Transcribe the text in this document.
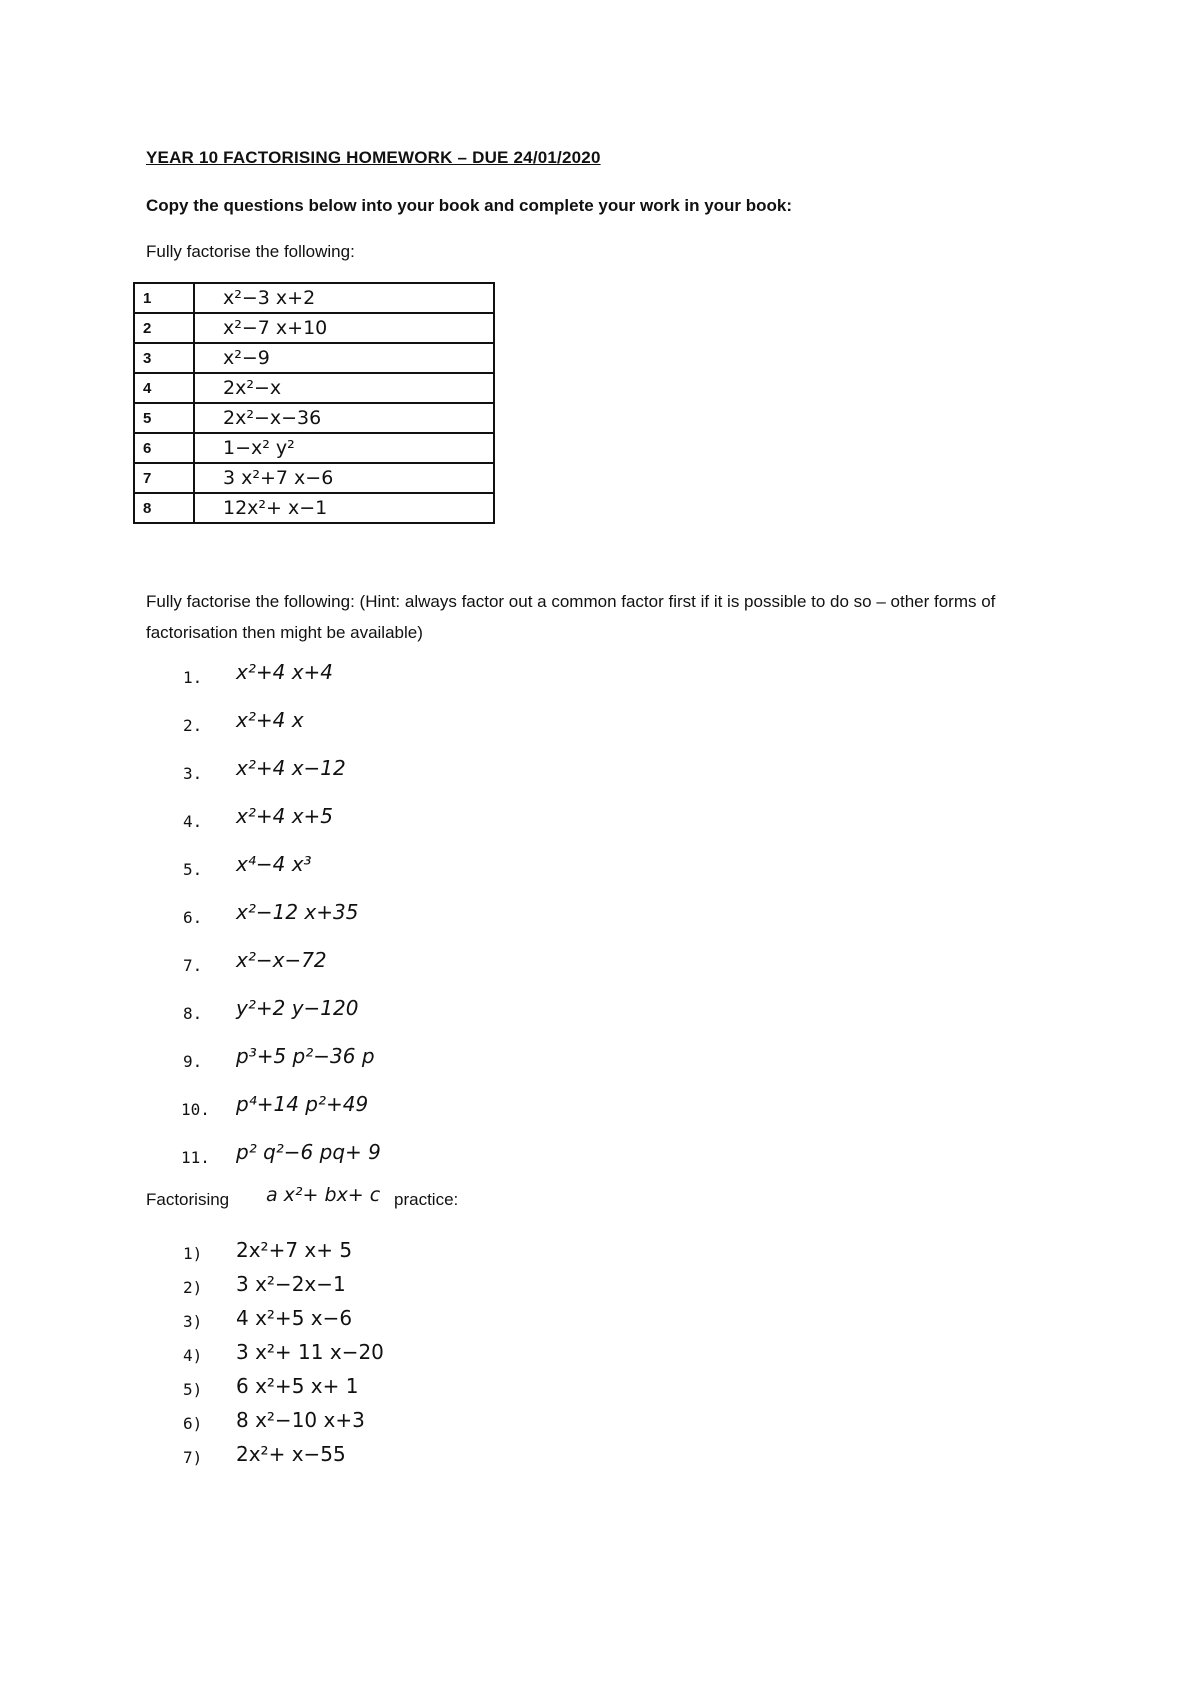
YEAR 10 FACTORISING HOMEWORK – DUE 24/01/2020
Copy the questions below into your book and complete your work in your book:
Fully factorise the following:
1	x²−3 x+2
2	x²−7 x+10
3	x²−9
4	2x²−x
5	2x²−x−36
6	1−x² y²
7	3 x²+7 x−6
8	12x²+ x−1
Fully factorise the following: (Hint: always factor out a common factor first if it is possible to do so – other forms of factorisation then might be available)
1. x²+4 x+4
2. x²+4 x
3. x²+4 x−12
4. x²+4 x+5
5. x⁴−4 x³
6. x²−12 x+35
7. x²−x−72
8. y²+2 y−120
9. p³+5 p²−36 p
10. p⁴+14 p²+49
11. p² q²−6 pq+ 9
Factorising a x²+ bx+ c practice:
1) 2x²+7 x+ 5
2) 3 x²−2x−1
3) 4 x²+5 x−6
4) 3 x²+ 11 x−20
5) 6 x²+5 x+ 1
6) 8 x²−10 x+3
7) 2x²+ x−55
